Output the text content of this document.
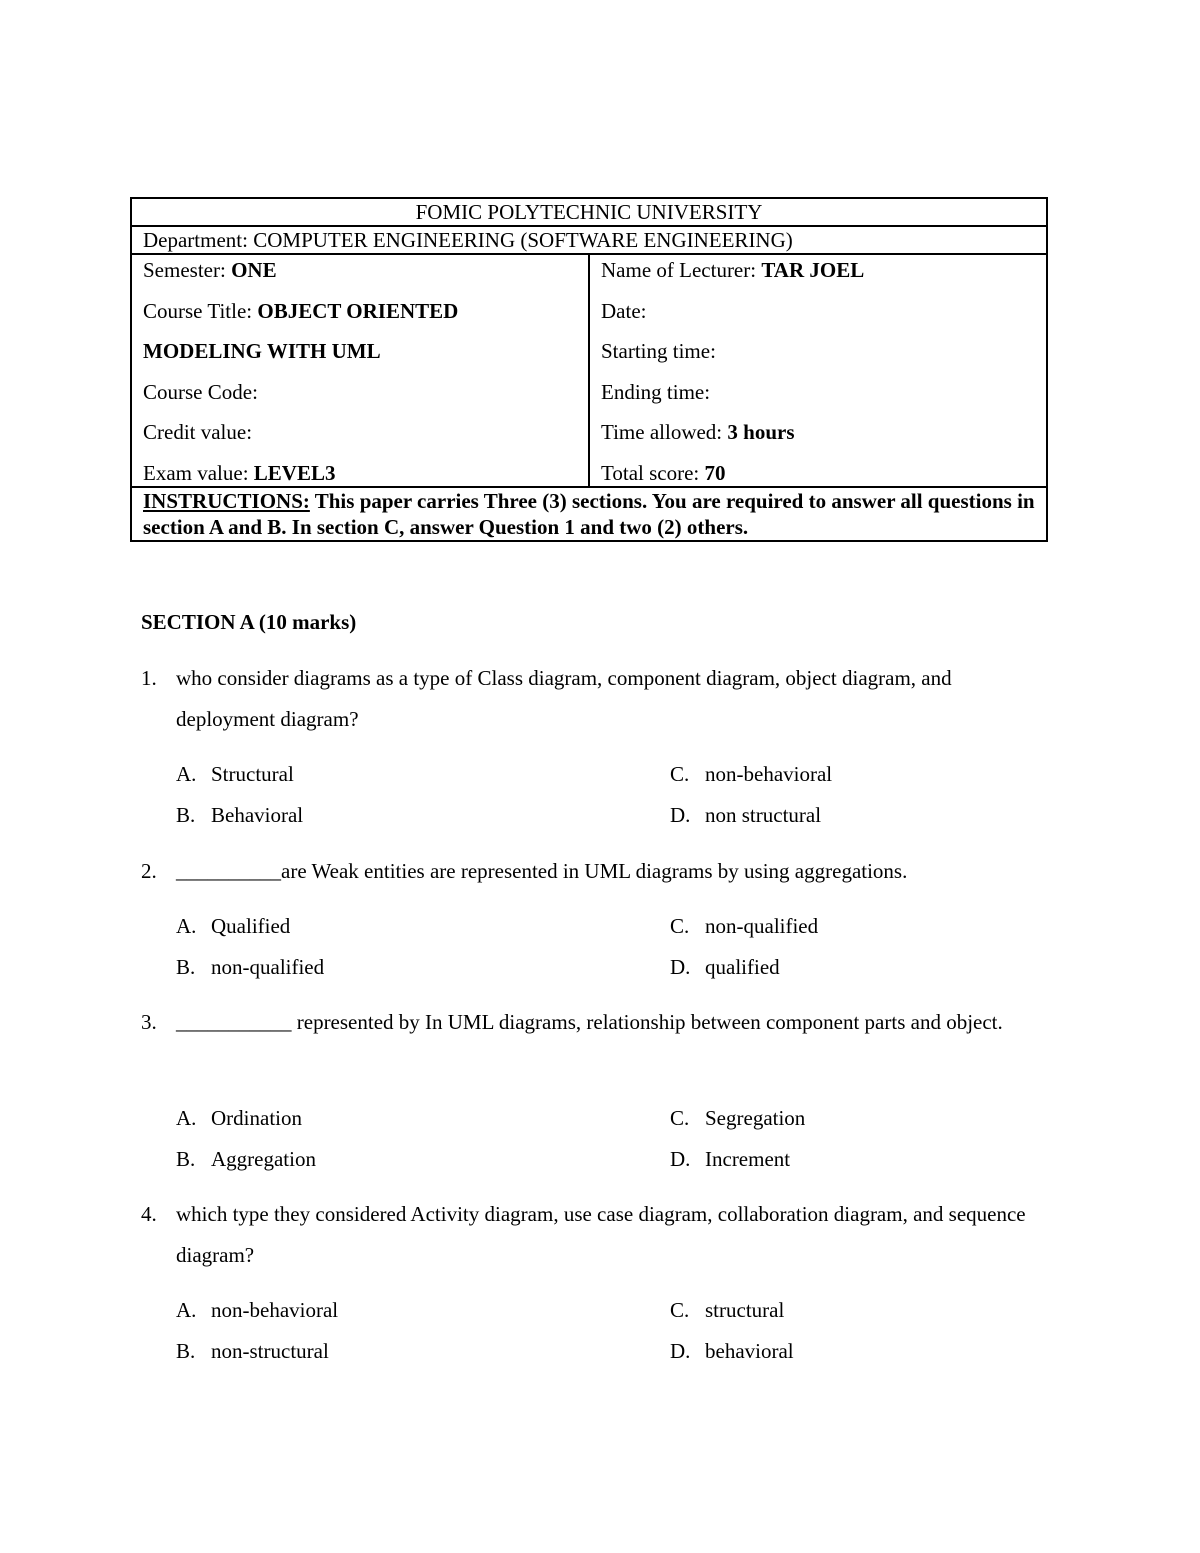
FOMIC POLYTECHNIC UNIVERSITY
Department: COMPUTER ENGINEERING (SOFTWARE ENGINEERING)

Semester: ONE
Course Title: OBJECT ORIENTED
MODELING WITH UML
Course Code:
Credit value:
Exam value: LEVEL3

Name of Lecturer: TAR JOEL
Date:
Starting time:
Ending time:
Time allowed: 3 hours
Total score: 70

INSTRUCTIONS: This paper carries Three (3) sections. You are required to answer all questions in section A and B. In section C, answer Question 1 and two (2) others.
SECTION A (10 marks)
1. who consider diagrams as a type of Class diagram, component diagram, object diagram, and deployment diagram?
A. Structural
B. Behavioral
C. non-behavioral
D. non structural
2. __________are Weak entities are represented in UML diagrams by using aggregations.
A. Qualified
B. non-qualified
C. non-qualified
D. qualified
3. ___________ represented by In UML diagrams, relationship between component parts and object.
A. Ordination
B. Aggregation
C. Segregation
D. Increment
4. which type they considered Activity diagram, use case diagram, collaboration diagram, and sequence diagram?
A. non-behavioral
B. non-structural
C. structural
D. behavioral
